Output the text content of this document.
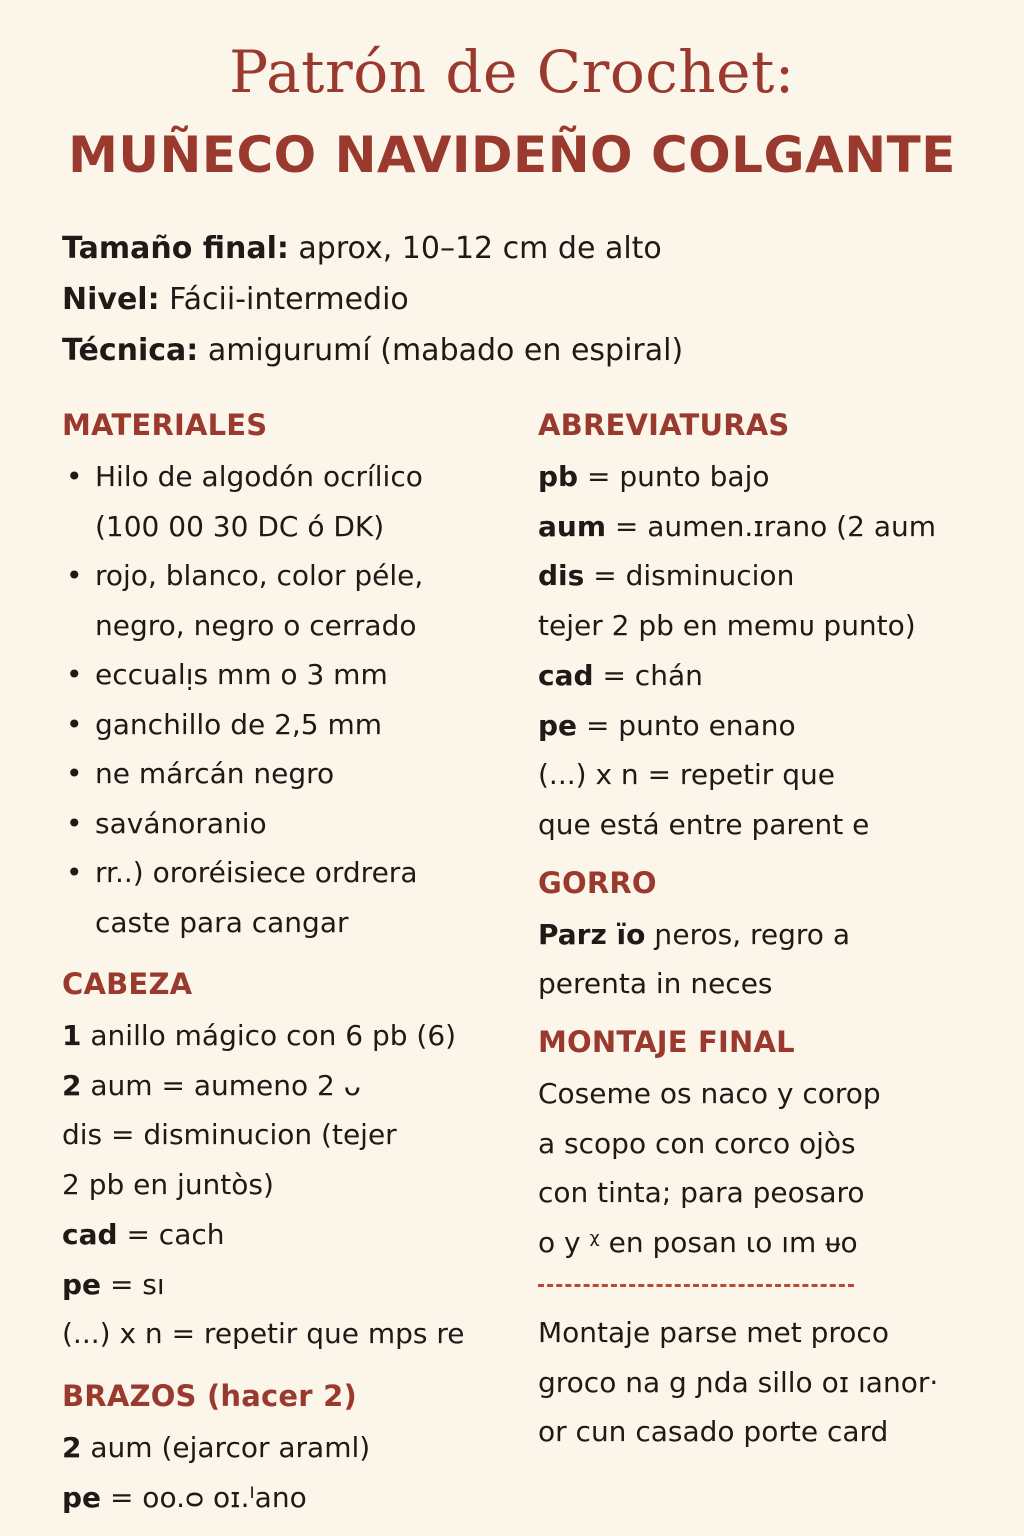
Patrón de Crochet:
MUÑECO NAVIDEÑO COLGANTE
Tamaño final: aprox, 10–12 cm de alto
Nivel: Fácii-intermedio
Técnica: amigurumí (mabado en espiral)
MATERIALES
• Hilo de algodón ocrílico
(100 00 30 DC ó DK)
• rojo, blanco, color péle,
negro, negro o cerrado
• eccualᴉs mm o 3 mm
• ganchillo de 2,5 mm
• ne márcán negro
• savánoranio
• rr..) ororéisiece ordrera
caste para cangar
CABEZA
1 anillo mágico con 6 pb (6)
2 aum = aumeno 2 ᴗ
dis = disminucion (tejer
2 pb en juntòs)
cad = cach
pe = sı
(...) x n = repetir que mps re
BRAZOS (hacer 2)
2 aum (ejarcor araml)
pe = oo.ᴑ oɪ.ᴵano
ABREVIATURAS
pb = punto bajo
aum = aumen.ɪrano (2 aum
dis = disminucion
tejer 2 pb en memᴜ punto)
cad = chán
pe = punto enano
(...) x n = repetir que
que está entre parent e
GORRO
Parz ïᴏ ɲeros, regro a
perenta in neces
MONTAJE FINAL
Coseme os naco y corop
a scopo con corco ojòs
con tinta; para peosaro
o y ᵡ en posan ɩo ım ᵾo
Montaje parse met proco
groco na g ɲda sillo oɪ ıanor·
or cun casado porte card
